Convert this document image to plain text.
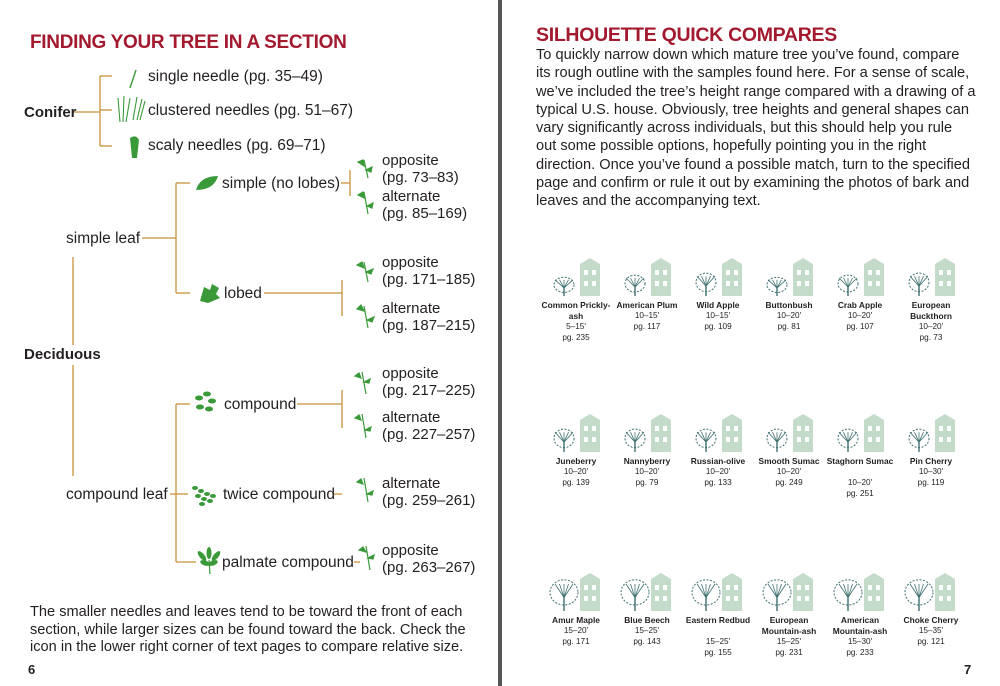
FINDING YOUR TREE IN A SECTION
Conifer
single needle (pg. 35–49)
clustered needles (pg. 51–67)
scaly needles (pg. 69–71)
Deciduous
simple leaf
simple (no lobes)
lobed
opposite
(pg. 73–83)
alternate
(pg. 85–169)
opposite
(pg. 171–185)
alternate
(pg. 187–215)
compound leaf
compound
twice compound
palmate compound
opposite
(pg. 217–225)
alternate
(pg. 227–257)
alternate
(pg. 259–261)
opposite
(pg. 263–267)
The smaller needles and leaves tend to be toward the front of each section, while larger sizes can be found toward the back. Check the icon in the lower right corner of text pages to compare relative size.
6
SILHOUETTE QUICK COMPARES
To quickly narrow down which mature tree you’ve found, compare its rough outline with the samples found here. For a sense of scale, we’ve included the tree’s height range compared with a drawing of a typical U.S. house. Obviously, tree heights and general shapes can vary significantly across individuals, but this should help you rule out some possible options, hopefully pointing you in the right direction. Once you’ve found a possible match, turn to the specified page and confirm or rule it out by examining the photos of bark and leaves and the accompanying text.
Common Prickly-ash
5–15'
pg. 235
American Plum
10–15'
pg. 117
Wild Apple
10–15'
pg. 109
Buttonbush
10–20'
pg. 81
Crab Apple
10–20'
pg. 107
European Buckthorn
10–20'
pg. 73
Juneberry
10–20'
pg. 139
Nannyberry
10–20'
pg. 79
Russian-olive
10–20'
pg. 133
Smooth Sumac
10–20'
pg. 249
Staghorn Sumac
10–20'
pg. 251
Pin Cherry
10–30'
pg. 119
Amur Maple
15–20'
pg. 171
Blue Beech
15–25'
pg. 143
Eastern Redbud
15–25'
pg. 155
European Mountain-ash
15–25'
pg. 231
American Mountain-ash
15–30'
pg. 233
Choke Cherry
15–35'
pg. 121
7
